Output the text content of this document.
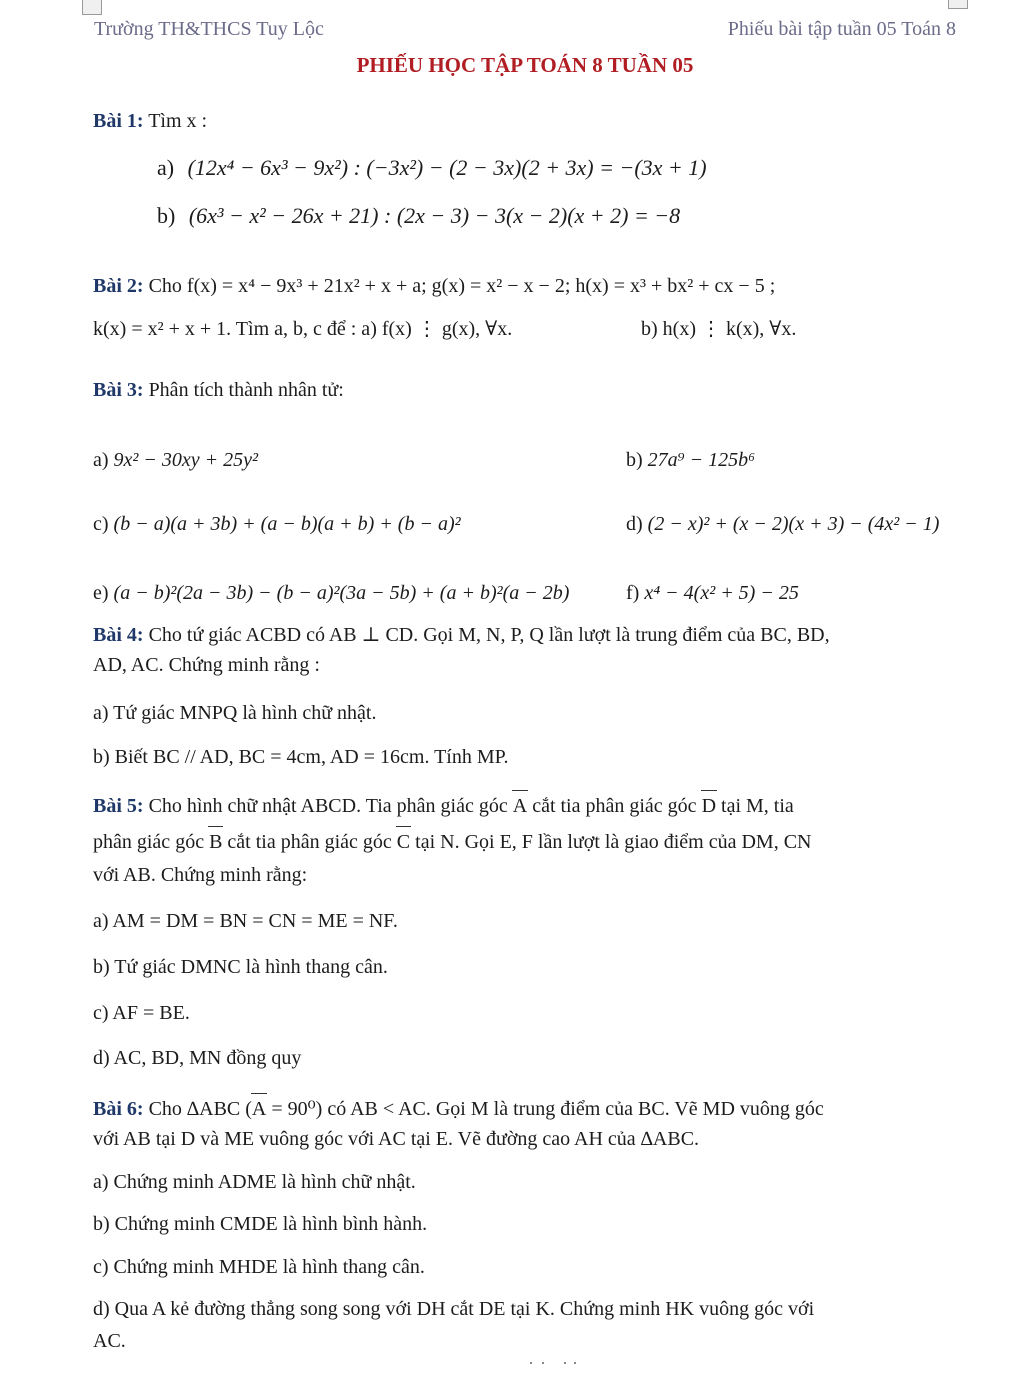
Trường TH&THCS Tuy Lộc	Phiếu bài tập tuần 05 Toán 8
PHIẾU HỌC TẬP TOÁN 8 TUẦN 05
Bài 1: Tìm x :
a) (12x⁴ − 6x³ − 9x²) : (−3x²) − (2 − 3x)(2 + 3x) = −(3x + 1)
b) (6x³ − x² − 26x + 21) : (2x − 3) − 3(x − 2)(x + 2) = −8
Bài 2: Cho f(x) = x⁴ − 9x³ + 21x² + x + a; g(x) = x² − x − 2; h(x) = x³ + bx² + cx − 5 ;
k(x) = x² + x + 1. Tìm a, b, c để : a) f(x) ⋮ g(x), ∀x.	b) h(x) ⋮ k(x), ∀x.
Bài 3: Phân tích thành nhân tử:
a) 9x² − 30xy + 25y²	b) 27a⁹ − 125b⁶
c) (b − a)(a + 3b) + (a − b)(a + b) + (b − a)²	d) (2 − x)² + (x − 2)(x + 3) − (4x² − 1)
e) (a − b)²(2a − 3b) − (b − a)²(3a − 5b) + (a + b)²(a − 2b)	f) x⁴ − 4(x² + 5) − 25
Bài 4: Cho tứ giác ACBD có AB ⊥ CD. Gọi M, N, P, Q lần lượt là trung điểm của BC, BD,
AD, AC. Chứng minh rằng :
a) Tứ giác MNPQ là hình chữ nhật.
b) Biết BC // AD, BC = 4cm, AD = 16cm. Tính MP.
Bài 5: Cho hình chữ nhật ABCD. Tia phân giác góc A cắt tia phân giác góc D tại M, tia
phân giác góc B cắt tia phân giác góc C tại N. Gọi E, F lần lượt là giao điểm của DM, CN
với AB. Chứng minh rằng:
a) AM = DM = BN = CN = ME = NF.
b) Tứ giác DMNC là hình thang cân.
c) AF = BE.
d) AC, BD, MN đồng quy
Bài 6: Cho ∆ABC (A = 90⁰) có AB < AC. Gọi M là trung điểm của BC. Vẽ MD vuông góc
với AB tại D và ME vuông góc với AC tại E. Vẽ đường cao AH của ∆ABC.
a) Chứng minh ADME là hình chữ nhật.
b) Chứng minh CMDE là hình bình hành.
c) Chứng minh MHDE là hình thang cân.
d) Qua A kẻ đường thẳng song song với DH cắt DE tại K. Chứng minh HK vuông góc với
AC.
